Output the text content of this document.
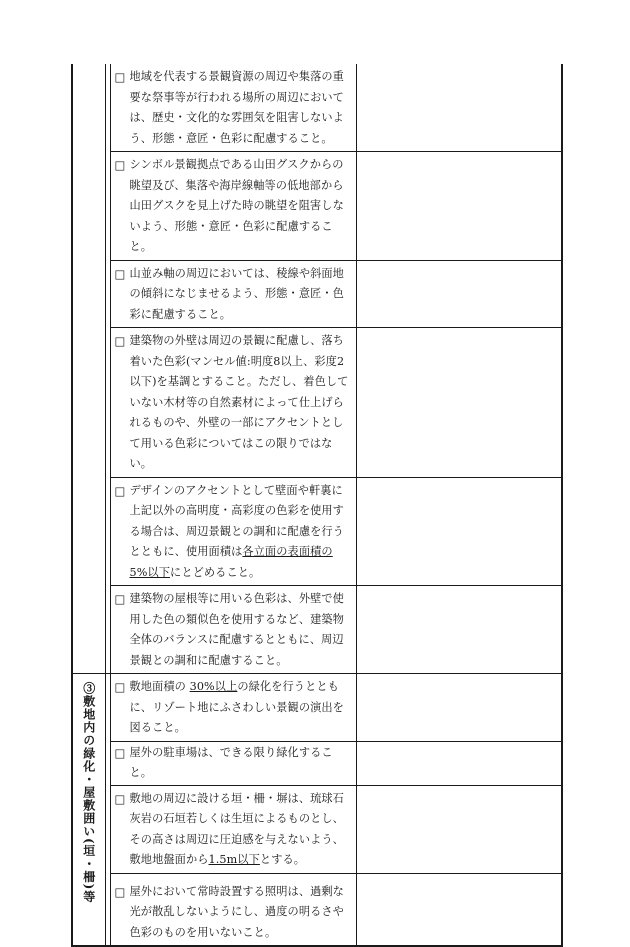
		□ 地域を代表する景観資源の周辺や集落の重要な祭事等が行われる場所の周辺においては、歴史・文化的な雰囲気を阻害しないよう、形態・意匠・色彩に配慮すること。	

		□ シンボル景観拠点である山田グスクからの眺望及び、集落や海岸線軸等の低地部から山田グスクを見上げた時の眺望を阻害しないよう、形態・意匠・色彩に配慮すること。	

		□ 山並み軸の周辺においては、稜線や斜面地の傾斜になじませるよう、形態・意匠・色彩に配慮すること。	

		□ 建築物の外壁は周辺の景観に配慮し、落ち着いた色彩(マンセル値:明度8以上、彩度2以下)を基調とすること。ただし、着色していない木材等の自然素材によって仕上げられるものや、外壁の一部にアクセントとして用いる色彩についてはこの限りではない。	

		□ デザインのアクセントとして壁面や軒裏に上記以外の高明度・高彩度の色彩を使用する場合は、周辺景観との調和に配慮を行うとともに、使用面積は各立面の表面積の 5%以下にとどめること。	

		□ 建築物の屋根等に用いる色彩は、外壁で使用した色の類似色を使用するなど、建築物全体のバランスに配慮するとともに、周辺景観との調和に配慮すること。	

③敷地内の緑化・屋敷囲い(垣・柵)等		□ 敷地面積の 30%以上の緑化を行うとともに、リゾート地にふさわしい景観の演出を図ること。	

		□ 屋外の駐車場は、できる限り緑化すること。	

		□ 敷地の周辺に設ける垣・柵・塀は、琉球石灰岩の石垣若しくは生垣によるものとし、その高さは周辺に圧迫感を与えないよう、敷地地盤面から1.5m以下とする。	

		□ 屋外において常時設置する照明は、過剰な光が散乱しないようにし、過度の明るさや色彩のものを用いないこと。	
